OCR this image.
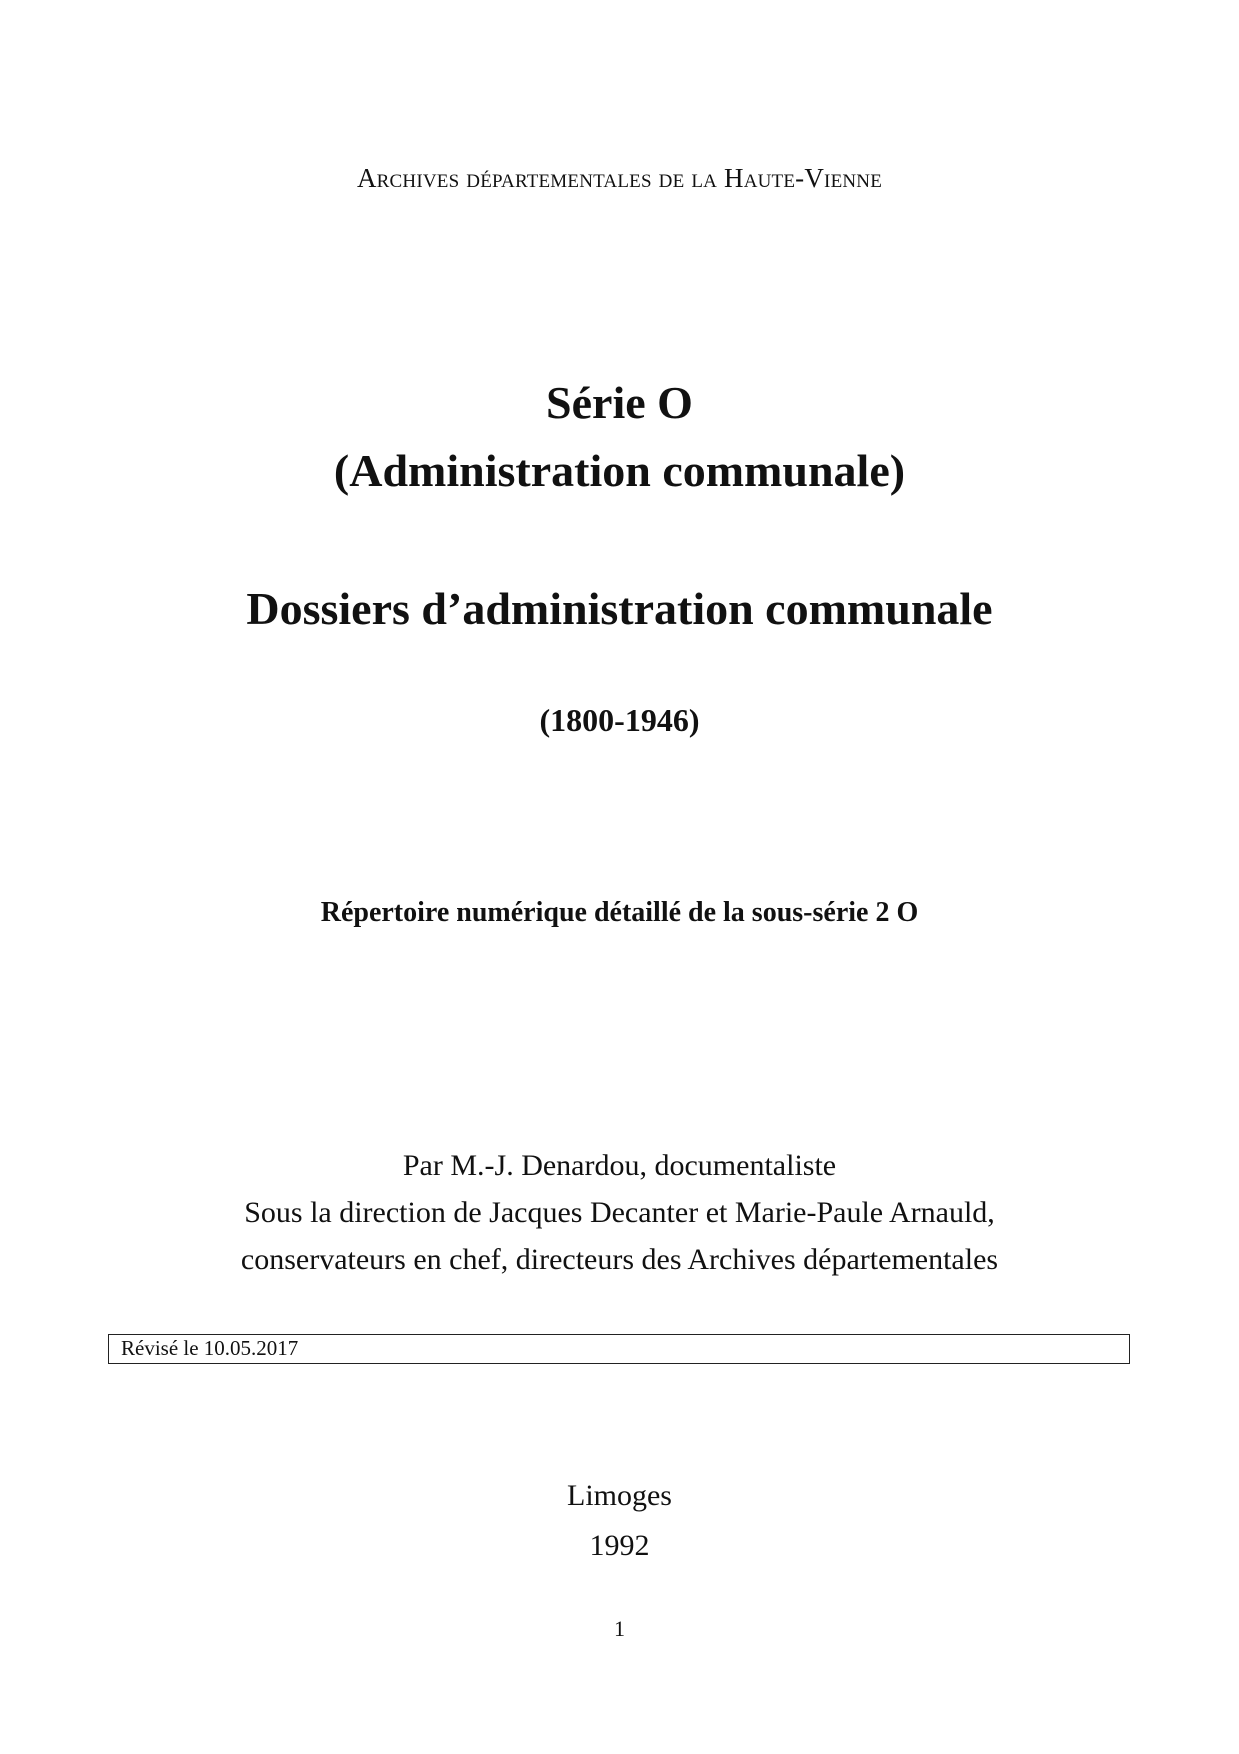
Archives départementales de la Haute-Vienne
Série O
(Administration communale)
Dossiers d’administration communale
(1800-1946)
Répertoire numérique détaillé de la sous-série 2 O
Par M.-J. Denardou, documentaliste
Sous la direction de Jacques Decanter et Marie-Paule Arnauld,
conservateurs en chef, directeurs des Archives départementales
Révisé le 10.05.2017
Limoges
1992
1
